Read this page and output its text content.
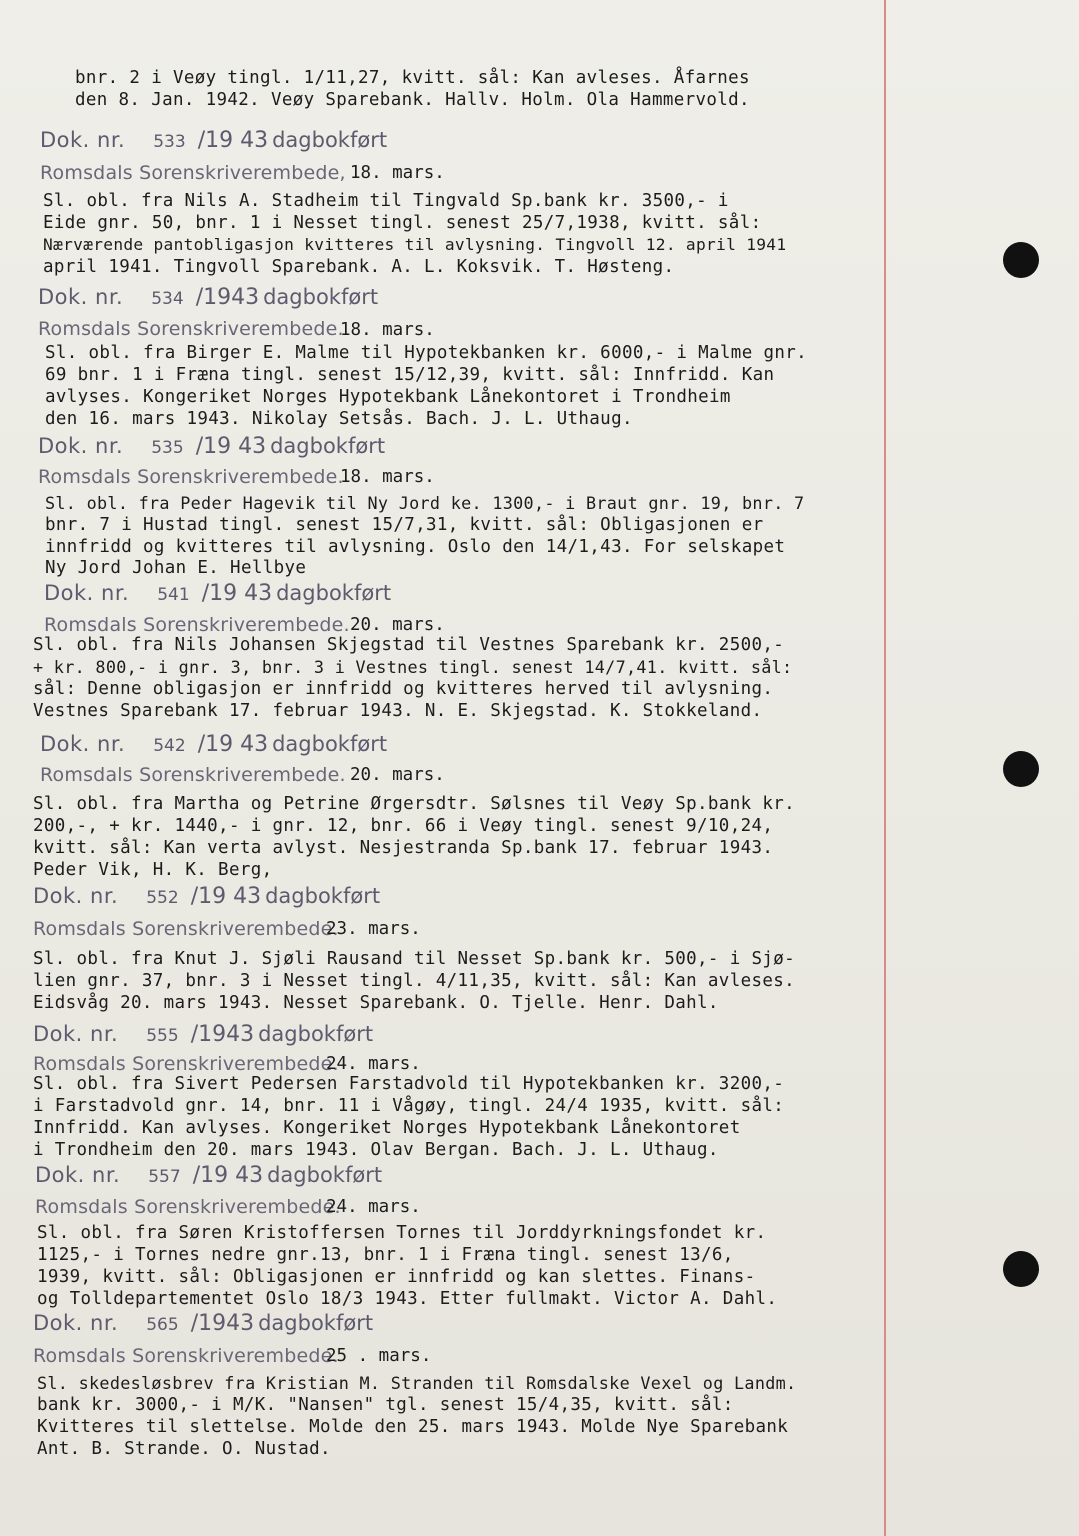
bnr. 2 i Veøy tingl. 1/11,27, kvitt. sål: Kan avleses. Åfarnes
den 8. Jan. 1942. Veøy Sparebank. Hallv. Holm. Ola Hammervold.
Dok. nr. 533 /19 43 dagbokført
Romsdals Sorenskriverembede, 18. mars.
Sl. obl. fra Nils A. Stadheim til Tingvald Sp.bank kr. 3500,- i
Eide gnr. 50, bnr. 1 i Nesset tingl. senest 25/7,1938, kvitt. sål:
Nærværende pantobligasjon kvitteres til avlysning. Tingvoll 12. april 1941
april 1941. Tingvoll Sparebank. A. L. Koksvik. T. Høsteng.
Dok. nr. 534 /1943 dagbokført
Romsdals Sorenskriverembede.
18. mars.
Sl. obl. fra Birger E. Malme til Hypotekbanken kr. 6000,- i Malme gnr.
69 bnr. 1 i Fræna tingl. senest 15/12,39, kvitt. sål: Innfridd. Kan
avlyses. Kongeriket Norges Hypotekbank Lånekontoret i Trondheim
den 16. mars 1943. Nikolay Setsås. Bach. J. L. Uthaug.
Dok. nr. 535 /19 43 dagbokført
Romsdals Sorenskriverembede.
18. mars.
Sl. obl. fra Peder Hagevik til Ny Jord ke. 1300,- i Braut gnr. 19, bnr. 7
bnr. 7 i Hustad tingl. senest 15/7,31, kvitt. sål: Obligasjonen er
innfridd og kvitteres til avlysning. Oslo den 14/1,43. For selskapet
Ny Jord Johan E. Hellbye
Dok. nr. 541 /19 43 dagbokført
Romsdals Sorenskriverembede. 20. mars.
Sl. obl. fra Nils Johansen Skjegstad til Vestnes Sparebank kr. 2500,-
+ kr. 800,- i gnr. 3, bnr. 3 i Vestnes tingl. senest 14/7,41. kvitt. sål:
sål: Denne obligasjon er innfridd og kvitteres herved til avlysning.
Vestnes Sparebank 17. februar 1943. N. E. Skjegstad. K. Stokkeland.
Dok. nr. 542 /19 43 dagbokført
Romsdals Sorenskriverembede. 20. mars.
Sl. obl. fra Martha og Petrine Ørgersdtr. Sølsnes til Veøy Sp.bank kr.
200,-, + kr. 1440,- i gnr. 12, bnr. 66 i Veøy tingl. senest 9/10,24,
kvitt. sål: Kan verta avlyst. Nesjestranda Sp.bank 17. februar 1943.
Peder Vik, H. K. Berg,
Dok. nr. 552 /19 43 dagbokført
Romsdals Sorenskriverembede.
23. mars.
Sl. obl. fra Knut J. Sjøli Rausand til Nesset Sp.bank kr. 500,- i Sjø-
lien gnr. 37, bnr. 3 i Nesset tingl. 4/11,35, kvitt. sål: Kan avleses.
Eidsvåg 20. mars 1943. Nesset Sparebank. O. Tjelle. Henr. Dahl.
Dok. nr. 555 /1943 dagbokført
Romsdals Sorenskriverembede.
24. mars.
Sl. obl. fra Sivert Pedersen Farstadvold til Hypotekbanken kr. 3200,-
i Farstadvold gnr. 14, bnr. 11 i Vågøy, tingl. 24/4 1935, kvitt. sål:
Innfridd. Kan avlyses. Kongeriket Norges Hypotekbank Lånekontoret
i Trondheim den 20. mars 1943. Olav Bergan. Bach. J. L. Uthaug.
Dok. nr. 557 /19 43 dagbokført
Romsdals Sorenskriverembede.
24. mars.
Sl. obl. fra Søren Kristoffersen Tornes til Jorddyrkningsfondet kr.
1125,- i Tornes nedre gnr.13, bnr. 1 i Fræna tingl. senest 13/6,
1939, kvitt. sål: Obligasjonen er innfridd og kan slettes. Finans-
og Tolldepartementet Oslo 18/3 1943. Etter fullmakt. Victor A. Dahl.
Dok. nr. 565 /1943 dagbokført
Romsdals Sorenskriverembede.
25 . mars.
Sl. skedesløsbrev fra Kristian M. Stranden til Romsdalske Vexel og Landm.
bank kr. 3000,- i M/K. "Nansen" tgl. senest 15/4,35, kvitt. sål:
Kvitteres til slettelse. Molde den 25. mars 1943. Molde Nye Sparebank
Ant. B. Strande. O. Nustad.
